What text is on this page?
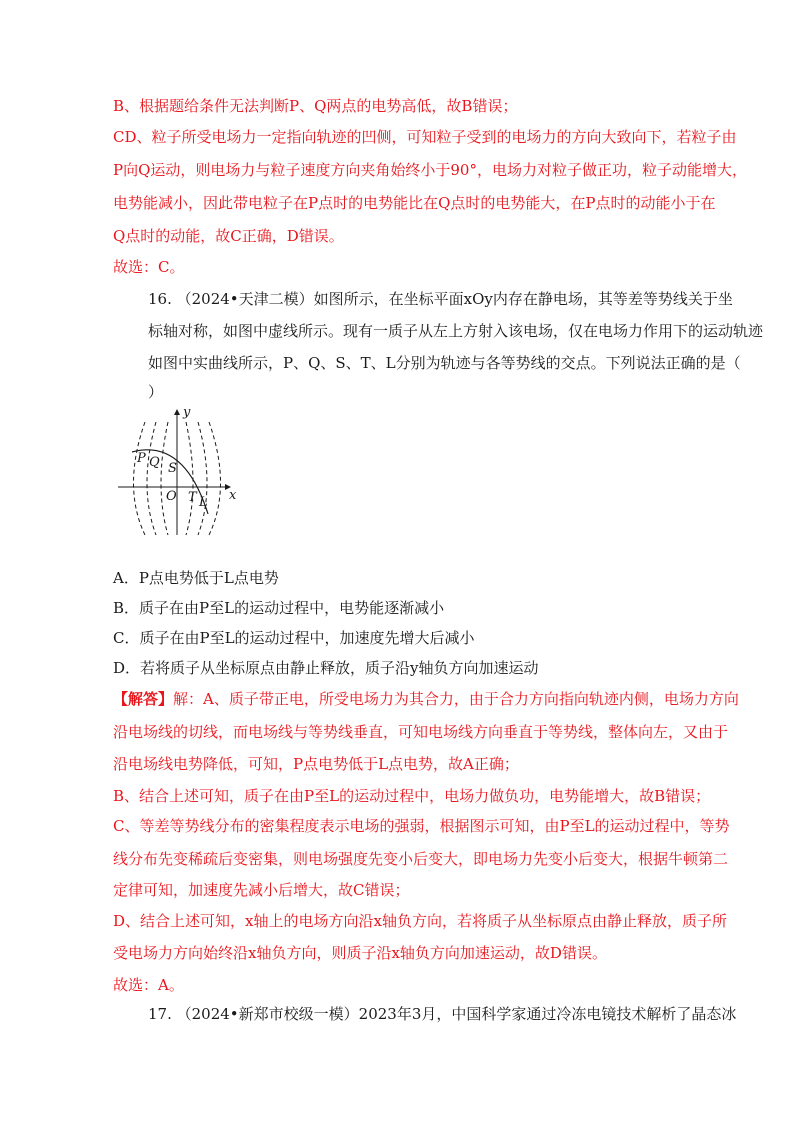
B、根据题给条件无法判断P、Q两点的电势高低，故B错误；
CD、粒子所受电场力一定指向轨迹的凹侧，可知粒子受到的电场力的方向大致向下，若粒子由
P向Q运动，则电场力与粒子速度方向夹角始终小于90°，电场力对粒子做正功，粒子动能增大，
电势能减小，因此带电粒子在P点时的电势能比在Q点时的电势能大，在P点时的动能小于在
Q点时的动能，故C正确，D错误。
故选：C。
16. （2024•天津二模）如图所示，在坐标平面xOy内存在静电场，其等差等势线关于坐
标轴对称，如图中虚线所示。现有一质子从左上方射入该电场，仅在电场力作用下的运动轨迹
如图中实曲线所示，P、Q、S、T、L分别为轨迹与各等势线的交点。下列说法正确的是（
）
y
x
O
P Q S
T L
A．P点电势低于L点电势
B．质子在由P至L的运动过程中，电势能逐渐减小
C．质子在由P至L的运动过程中，加速度先增大后减小
D．若将质子从坐标原点由静止释放，质子沿y轴负方向加速运动
【解答】解：A、质子带正电，所受电场力为其合力，由于合力方向指向轨迹内侧，电场力方向
沿电场线的切线，而电场线与等势线垂直，可知电场线方向垂直于等势线，整体向左，又由于
沿电场线电势降低，可知，P点电势低于L点电势，故A正确；
B、结合上述可知，质子在由P至L的运动过程中，电场力做负功，电势能增大，故B错误；
C、等差等势线分布的密集程度表示电场的强弱，根据图示可知，由P至L的运动过程中，等势
线分布先变稀疏后变密集，则电场强度先变小后变大，即电场力先变小后变大，根据牛顿第二
定律可知，加速度先减小后增大，故C错误；
D、结合上述可知，x轴上的电场方向沿x轴负方向，若将质子从坐标原点由静止释放，质子所
受电场力方向始终沿x轴负方向，则质子沿x轴负方向加速运动，故D错误。
故选：A。
17. （2024•新郑市校级一模）2023年3月，中国科学家通过冷冻电镜技术解析了晶态冰
